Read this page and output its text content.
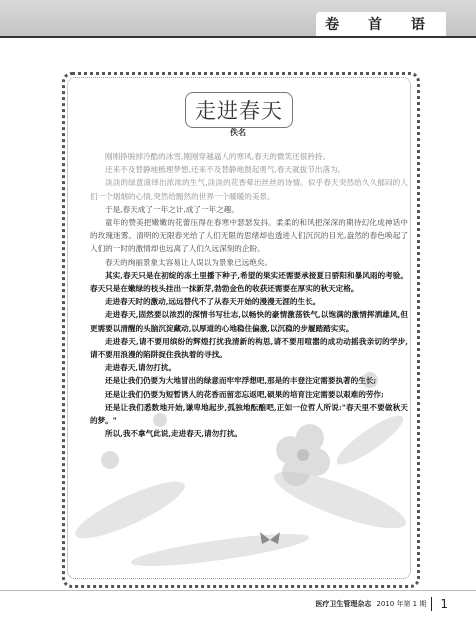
卷 首 语
走进春天
佚名

刚刚挣脱掉冷酷的冰雪,刚刚穿越逼人的寒风,春天的微笑还很矜持。

还来不及替静地梳理梦想,还来不及替静地鼓起勇气,春天就拔节出落为。

淡淡的绿意演绎出浓浓的生气,淡淡的花香晕出丝丝的诗情。似乎春天突然给久久郁闷的人们一个烟烟的心情,突然给黯然的世界一个暖暖的美景。

于是,春天成了一年之计,成了一年之趣。

童年的赞美把嫩嫩的花蕾压得在春寒中瑟瑟发抖。柔柔的和风把深深的期待幻化成神话中的玫瑰迷雾。清明的无限春光给了人们无限的思绪却也透进人们沉沉的目光,盎然的春色唤起了人们的一时的激情却也远离了人们久远深刻的企盼。

春天的绚丽景象太容易让人误以为景象已远绝矣。

其实,春天只是在初绽的冻土里播下种子,希望的果实还需要承接夏日骄阳和暴风雨的考验。春天只是在嫩绿的枝头挂出一抹新芽,勃勃金色的收获还需要在厚实的秋天定格。

走进春天时的激动,远远替代不了从春天开始的漫漫无涯的生长。

走进春天,固然要以浓烈的深情书写壮志,以畅快的豪情激荡铁气,以饱满的激情挥洒雄风,但更需要以清醒的头脑沉淀藏动,以厚道的心地稳住偏激,以沉稳的步履踏踏实实。

走进春天,请不要用缤纷的辉煌打扰我清新的构思,请不要用喧嚣的成功动摇我亲切的学步,请不要用浪漫的陷阱捉住我执着的寻找。

走进春天,请勿打扰。

还是让我们仍要为大地冒出的绿意而牢牢浮想吧,那是的丰登注定需要执著的生长;

还是让我们仍要为短暂诱人的花香而留恋忘返吧,硕果的培育注定需要以艰难的劳作;

还是让我们悉数地开始,谦卑地起步,孤独地酝酿吧,正如一位哲人所说:"春天里不要做秋天的梦。"

所以,我不拿气此说,走进春天,请勿打扰。

医疗卫生管理杂志 2010 年第 1 期 1
